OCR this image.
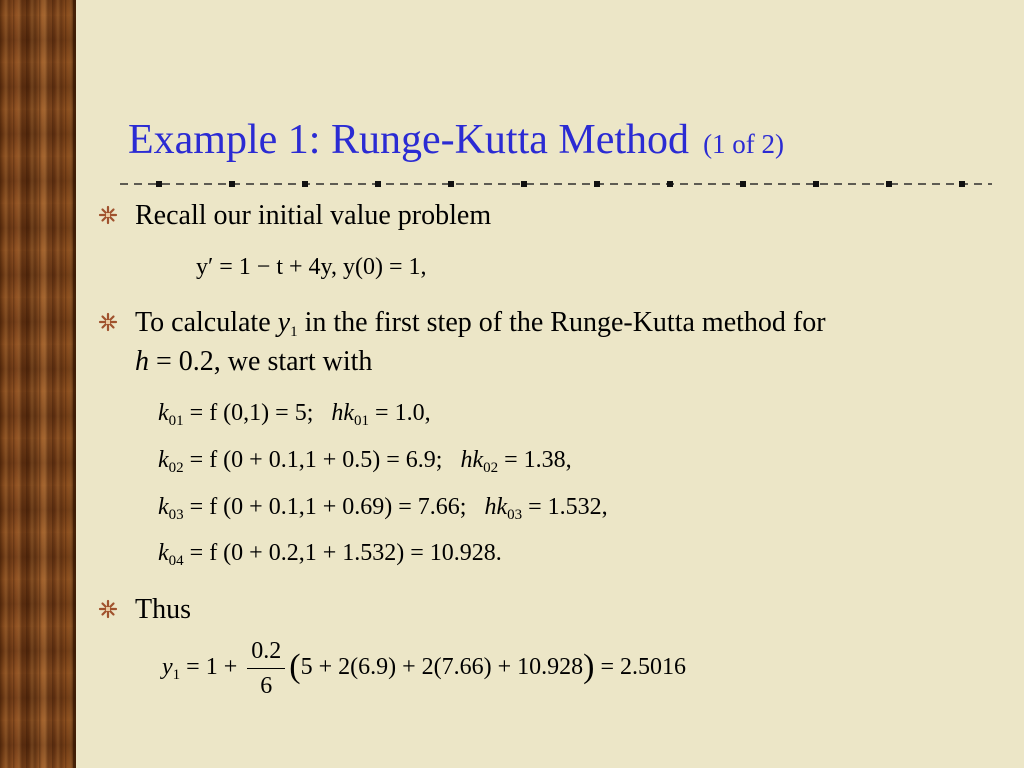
Example 1: Runge-Kutta Method (1 of 2)

Recall our initial value problem

y′ = 1 − t + 4y, y(0) = 1,

To calculate $y_1$ in the first step of the Runge-Kutta method for

h = 0.2, we start with

$k_{01} = f$ (0,1) = 5; $hk_{01} = 1.0$,
$k_{02} = f$ (0 + 0.1,1 + 0.5) = 6.9; $hk_{02} = 1.38$,
$k_{03} = f$ (0 + 0.1,1 + 0.69) = 7.66; $hk_{03} = 1.532$,
$k_{04} = f$ (0 + 0.2,1 + 1.532) = 10.928.

Thus

$y_1 = 1 + \frac{0.2}{6} (5 + 2(6.9) + 2(7.66) + 10.928) = 2.5016$
